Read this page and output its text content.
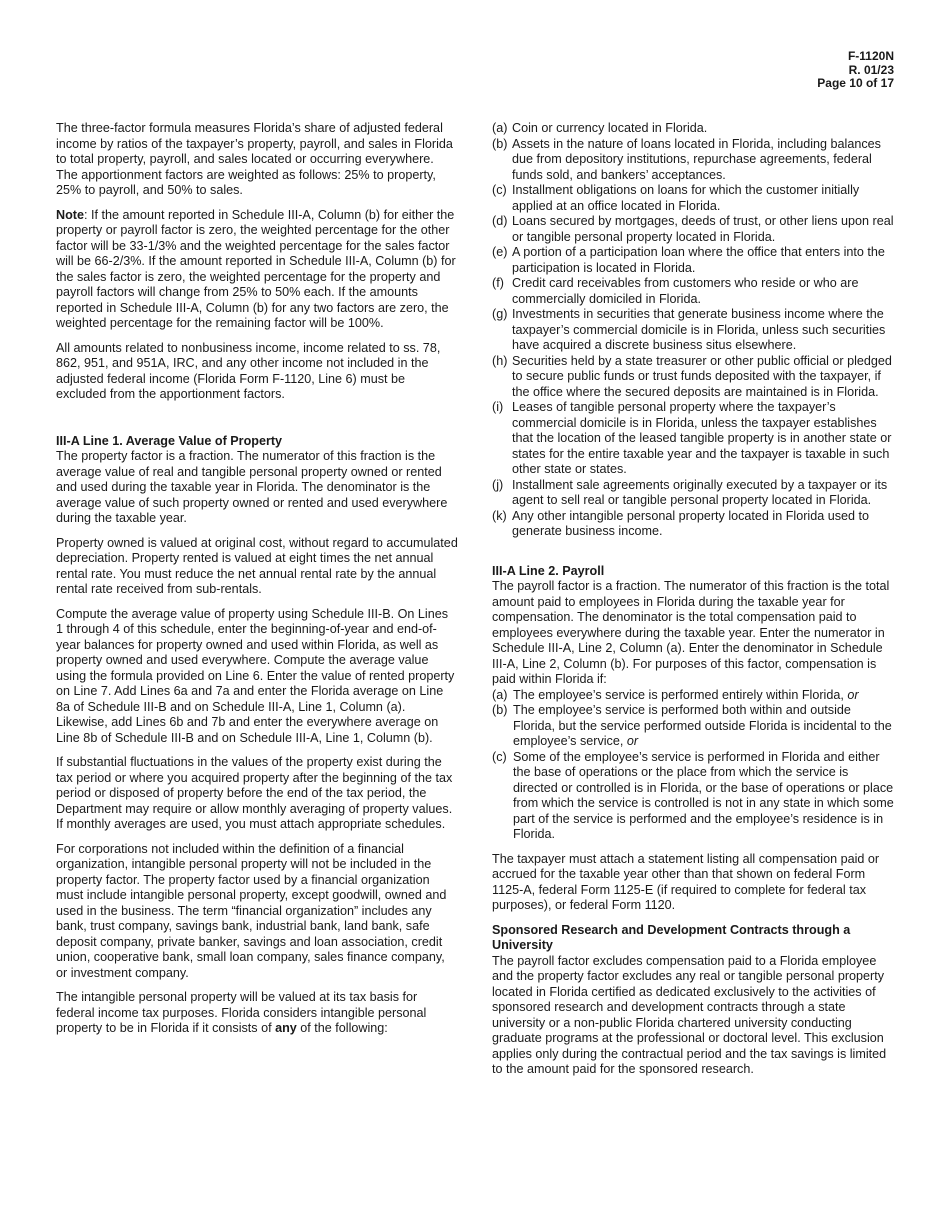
F-1120N
R. 01/23
Page 10 of 17

The three-factor formula measures Florida’s share of adjusted federal income by ratios of the taxpayer’s property, payroll, and sales in Florida to total property, payroll, and sales located or occurring everywhere. The apportionment factors are weighted as follows: 25% to property, 25% to payroll, and 50% to sales.

Note: If the amount reported in Schedule III-A, Column (b) for either the property or payroll factor is zero, the weighted percentage for the other factor will be 33-1/3% and the weighted percentage for the sales factor will be 66-2/3%. If the amount reported in Schedule III-A, Column (b) for the sales factor is zero, the weighted percentage for the property and payroll factors will change from 25% to 50% each. If the amounts reported in Schedule III-A, Column (b) for any two factors are zero, the weighted percentage for the remaining factor will be 100%.

All amounts related to nonbusiness income, income related to ss. 78, 862, 951, and 951A, IRC, and any other income not included in the adjusted federal income (Florida Form F-1120, Line 6) must be excluded from the apportionment factors.

III-A Line 1. Average Value of Property

The property factor is a fraction. The numerator of this fraction is the average value of real and tangible personal property owned or rented and used during the taxable year in Florida. The denominator is the average value of such property owned or rented and used everywhere during the taxable year.

Property owned is valued at original cost, without regard to accumulated depreciation. Property rented is valued at eight times the net annual rental rate. You must reduce the net annual rental rate by the annual rental rate received from sub-rentals.

Compute the average value of property using Schedule III-B. On Lines 1 through 4 of this schedule, enter the beginning-of-year and end-of-year balances for property owned and used within Florida, as well as property owned and used everywhere. Compute the average value using the formula provided on Line 6. Enter the value of rented property on Line 7. Add Lines 6a and 7a and enter the Florida average on Line 8a of Schedule III-B and on Schedule III-A, Line 1, Column (a). Likewise, add Lines 6b and 7b and enter the everywhere average on Line 8b of Schedule III-B and on Schedule III-A, Line 1, Column (b).

If substantial fluctuations in the values of the property exist during the tax period or where you acquired property after the beginning of the tax period or disposed of property before the end of the tax period, the Department may require or allow monthly averaging of property values. If monthly averages are used, you must attach appropriate schedules.

For corporations not included within the definition of a financial organization, intangible personal property will not be included in the property factor. The property factor used by a financial organization must include intangible personal property, except goodwill, owned and used in the business. The term “financial organization” includes any bank, trust company, savings bank, industrial bank, land bank, safe deposit company, private banker, savings and loan association, credit union, cooperative bank, small loan company, sales finance company, or investment company.

The intangible personal property will be valued at its tax basis for federal income tax purposes. Florida considers intangible personal property to be in Florida if it consists of any of the following:

(a) Coin or currency located in Florida.
(b) Assets in the nature of loans located in Florida, including balances due from depository institutions, repurchase agreements, federal funds sold, and bankers’ acceptances.
(c) Installment obligations on loans for which the customer initially applied at an office located in Florida.
(d) Loans secured by mortgages, deeds of trust, or other liens upon real or tangible personal property located in Florida.
(e) A portion of a participation loan where the office that enters into the participation is located in Florida.
(f) Credit card receivables from customers who reside or who are commercially domiciled in Florida.
(g) Investments in securities that generate business income where the taxpayer’s commercial domicile is in Florida, unless such securities have acquired a discrete business situs elsewhere.
(h) Securities held by a state treasurer or other public official or pledged to secure public funds or trust funds deposited with the taxpayer, if the office where the secured deposits are maintained is in Florida.
(i) Leases of tangible personal property where the taxpayer’s commercial domicile is in Florida, unless the taxpayer establishes that the location of the leased tangible property is in another state or states for the entire taxable year and the taxpayer is taxable in such other state or states.
(j) Installment sale agreements originally executed by a taxpayer or its agent to sell real or tangible personal property located in Florida.
(k) Any other intangible personal property located in Florida used to generate business income.
III-A Line 2. Payroll
The payroll factor is a fraction. The numerator of this fraction is the total amount paid to employees in Florida during the taxable year for compensation. The denominator is the total compensation paid to employees everywhere during the taxable year. Enter the numerator in Schedule III-A, Line 2, Column (a). Enter the denominator in Schedule III-A, Line 2, Column (b). For purposes of this factor, compensation is paid within Florida if:
(a) The employee’s service is performed entirely within Florida, or
(b) The employee’s service is performed both within and outside Florida, but the service performed outside Florida is incidental to the employee’s service, or
(c) Some of the employee’s service is performed in Florida and either the base of operations or the place from which the service is directed or controlled is in Florida, or the base of operations or place from which the service is controlled is not in any state in which some part of the service is performed and the employee’s residence is in Florida.

The taxpayer must attach a statement listing all compensation paid or accrued for the taxable year other than that shown on federal Form 1125-A, federal Form 1125-E (if required to complete for federal tax purposes), or federal Form 1120.

Sponsored Research and Development Contracts through a University

The payroll factor excludes compensation paid to a Florida employee and the property factor excludes any real or tangible personal property located in Florida certified as dedicated exclusively to the activities of sponsored research and development contracts through a state university or a non-public Florida chartered university conducting graduate programs at the professional or doctoral level. This exclusion applies only during the contractual period and the tax savings is limited to the amount paid for the sponsored research.
